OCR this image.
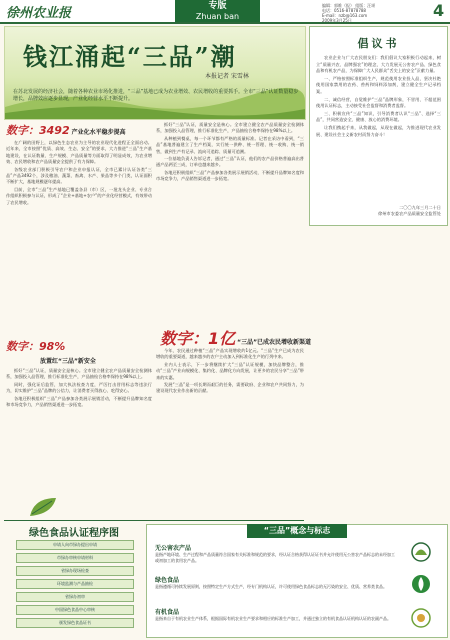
徐州农业报	专版
Zhuan ban
编辑：郭维（报） 组版：汪颂
电话：0516-87878788
E-mail：nzb@163.com
2009年3月25日
4
钱江涌起“三品”潮
本报记者 宋雪林
在苏北发展的经济社会，随着各种农业市场化推进，“三品”基地已成为农业增效、农民增收的重要抓手。全市“三品”认证数量稳步增长，品牌效应逐步显现，产业化经营水平不断提升。
数字：3492 产业化水平稳步提高

在广阔的田野上，以绿色生态农业为主导的农业现代化进程正全面启动。近年来，全市按照“优质、高效、生态、安全”的要求，大力推进“三品”生产基地建设，在认证数量、生产规模、产品质量等方面取得了明显成效，为农业增效、农民增收和农产品质量安全提供了有力保障。

各级农业部门积极引导农户和企业申报认证，全市已累计认证各类“三品”产品3492个，涉及粮油、蔬菜、畜禽、水产、果品等多个门类，认证面积不断扩大，基地规模逐年提高。

目前，全市“三品”生产基地已覆盖各县（市）区，一批龙头企业、专业合作组织积极参与认证，形成了“企业+基地+农户”的产业化经营模式，有效带动了农民增收。

数字：98%
放置红“三品”新安全

抓好“三品”认证，质量安全是核心。全市建立健全农产品质量安全检测体系，加强投入品管理，推行标准化生产，产品抽检合格率保持在98%以上。

同时，强化证后监管，加大执法检查力度，严厉打击冒用标志等违法行为，切实维护“三品”品牌的公信力，让消费者买得放心、吃得安心。

各地还积极组织“三品”产品参加各类展示展销活动，不断提升品牌知名度和市场竞争力，产品销售渠道进一步拓宽。

抓好“三品”认证，质量安全是核心。全市建立健全农产品质量安全检测体系，加强投入品管理，推行标准化生产，产品抽检合格率保持在98%以上。

从种植到餐桌，每一个环节都有严格的质量标准。记者在采访中看到，“三品”基地普遍建立了生产档案，实行统一供种、统一管理、统一收购、统一销售，做到生产有记录、流向可追踪、质量可追溯。

一位基地负责人告诉记者，通过“三品”认证，他们的农产品价格普遍高出普通产品两至三成，订单也越来越多。

各地还积极组织“三品”产品参加各类展示展销活动，不断提升品牌知名度和市场竞争力，产品销售渠道进一步拓宽。

数字：1亿 “三品”已成农民增收新渠道

今年，农民通过种植“三品”产品实现增收约1亿元。“三品”生产已成为农民增收的重要渠道，越来越多的农户主动加入到标准化生产的行列中来。

业内人士表示，下一步将继续扩大“三品”认证规模，加快品牌整合，推动“三品”产业向规模化、集约化、品牌化方向发展，让更多的农民分享“三品”带来的实惠。

发展“三品”是一项长期而艰巨的任务，需要政府、企业和农户共同努力，为建设现代农业作出新的贡献。

倡议书

农业企业与广大农民朋友们：我们倡议大家积极行动起来，树立“质量兴农、品牌强农”的理念，大力发展无公害农产品、绿色食品和有机农产品，为保障广大人民群众“舌尖上的安全”贡献力量。

一、严格按照标准组织生产，规范使用农业投入品，坚决杜绝使用国家禁用的农药、兽药和饲料添加剂，建立健全生产记录档案。

二、诚信经营，自觉维护“三品”品牌形象，不冒用、不超范围使用认证标志，主动接受社会监督和消费者监督。

三、积极宣传“三品”知识，引导消费者认识“三品”、选择“三品”，共同营造安全、健康、放心的消费环境。

让我们携起手来，从我做起，从现在做起，为推进现代农业发展、建设社会主义新农村而努力奋斗！

二〇〇九年三月二十日
徐州市农委农产品质量安全监管处
绿色食品认证程序图
申请人向市绿办提出申请
市绿办审核申请材料
省绿办现场检查
环境监测与产品抽检
省绿办初审
中国绿色食品中心审核
颁发绿色食品证书
“三品”概念与标志
无公害农产品
是指产地环境、生产过程和产品质量符合国家有关标准和规范的要求，经认证合格获得认证证书并允许使用无公害农产品标志的未经加工或初加工的食用农产品。
绿色食品
是指遵循可持续发展原则，按照特定生产方式生产，经专门机构认证，许可使用绿色食品标志的无污染的安全、优质、营养类食品。
有机食品
是指来自于有机农业生产体系，根据国际有机农业生产要求和相应的标准生产加工，并通过独立的有机食品认证机构认证的农副产品。
